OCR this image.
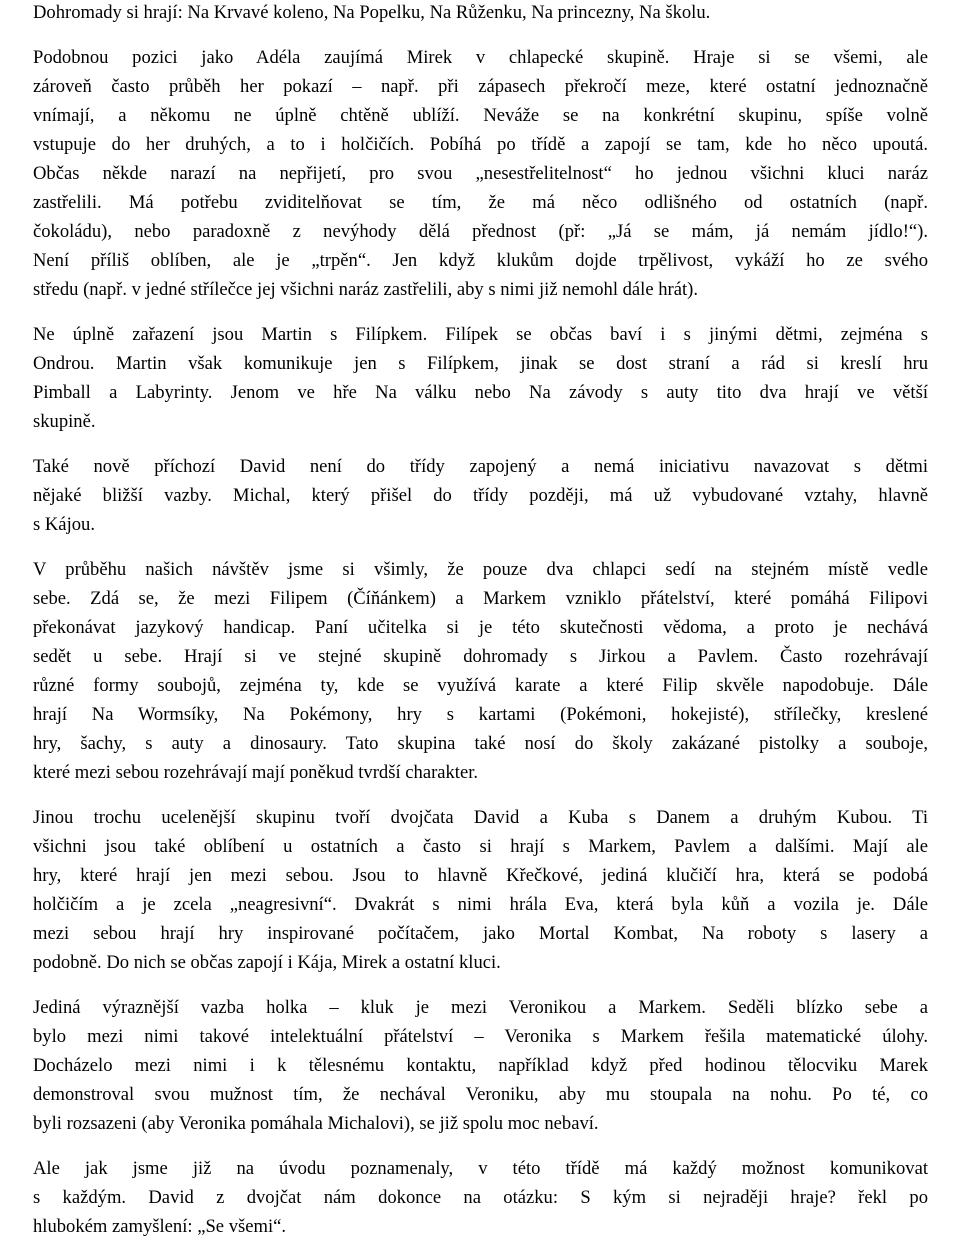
Dohromady si hrají: Na Krvavé koleno, Na Popelku, Na Růženku, Na princezny, Na školu.
Podobnou pozici jako Adéla zaujímá Mirek v chlapecké skupině. Hraje si se všemi, ale
zároveň často průběh her pokazí – např. při zápasech překročí meze, které ostatní jednoznačně
vnímají, a někomu ne úplně chtěně ublíží. Neváže se na konkrétní skupinu, spíše volně
vstupuje do her druhých, a to i holčičích. Pobíhá po třídě a zapojí se tam, kde ho něco upoutá.
Občas někde narazí na nepřijetí, pro svou „nesestřelitelnost“ ho jednou všichni kluci naráz
zastřelili. Má potřebu zviditelňovat se tím, že má něco odlišného od ostatních (např.
čokoládu), nebo paradoxně z nevýhody dělá přednost (př: „Já se mám, já nemám jídlo!“).
Není příliš oblíben, ale je „trpěn“. Jen když klukům dojde trpělivost, vykáží ho ze svého
středu (např. v jedné střílečce jej všichni naráz zastřelili, aby s nimi již nemohl dále hrát).
Ne úplně zařazení jsou Martin s Filípkem. Filípek se občas baví i s jinými dětmi, zejména s
Ondrou. Martin však komunikuje jen s Filípkem, jinak se dost straní a rád si kreslí hru
Pimball a Labyrinty. Jenom ve hře Na válku nebo Na závody s auty tito dva hrají ve větší
skupině.
Také nově příchozí David není do třídy zapojený a nemá iniciativu navazovat s dětmi
nějaké bližší vazby. Michal, který přišel do třídy později, má už vybudované vztahy, hlavně
s Kájou.
V průběhu našich návštěv jsme si všimly, že pouze dva chlapci sedí na stejném místě vedle
sebe. Zdá se, že mezi Filipem (Číňánkem) a Markem vzniklo přátelství, které pomáhá Filipovi
překonávat jazykový handicap. Paní učitelka si je této skutečnosti vědoma, a proto je nechává
sedět u sebe. Hrají si ve stejné skupině dohromady s Jirkou a Pavlem. Často rozehrávají
různé formy soubojů, zejména ty, kde se využívá karate a které Filip skvěle napodobuje. Dále
hrají Na Wormsíky, Na Pokémony, hry s kartami (Pokémoni, hokejisté), střílečky, kreslené
hry, šachy, s auty a dinosaury. Tato skupina také nosí do školy zakázané pistolky a souboje,
které mezi sebou rozehrávají mají poněkud tvrdší charakter.
Jinou trochu ucelenější skupinu tvoří dvojčata David a Kuba s Danem a druhým Kubou. Ti
všichni jsou také oblíbení u ostatních a často si hrají s Markem, Pavlem a dalšími. Mají ale
hry, které hrají jen mezi sebou. Jsou to hlavně Křečkové, jediná klučičí hra, která se podobá
holčičím a je zcela „neagresivní“. Dvakrát s nimi hrála Eva, která byla kůň a vozila je. Dále
mezi sebou hrají hry inspirované počítačem, jako Mortal Kombat, Na roboty s lasery a
podobně. Do nich se občas zapojí i Kája, Mirek a ostatní kluci.
Jediná výraznější vazba holka – kluk je mezi Veronikou a Markem. Seděli blízko sebe a
bylo mezi nimi takové intelektuální přátelství – Veronika s Markem řešila matematické úlohy.
Docházelo mezi nimi i k tělesnému kontaktu, například když před hodinou tělocviku Marek
demonstroval svou mužnost tím, že nechával Veroniku, aby mu stoupala na nohu. Po té, co
byli rozsazeni (aby Veronika pomáhala Michalovi), se již spolu moc nebaví.
Ale jak jsme již na úvodu poznamenaly, v této třídě má každý možnost komunikovat
s každým. David z dvojčat nám dokonce na otázku: S kým si nejraději hraje? řekl po
hlubokém zamyšlení: „Se všemi“.
